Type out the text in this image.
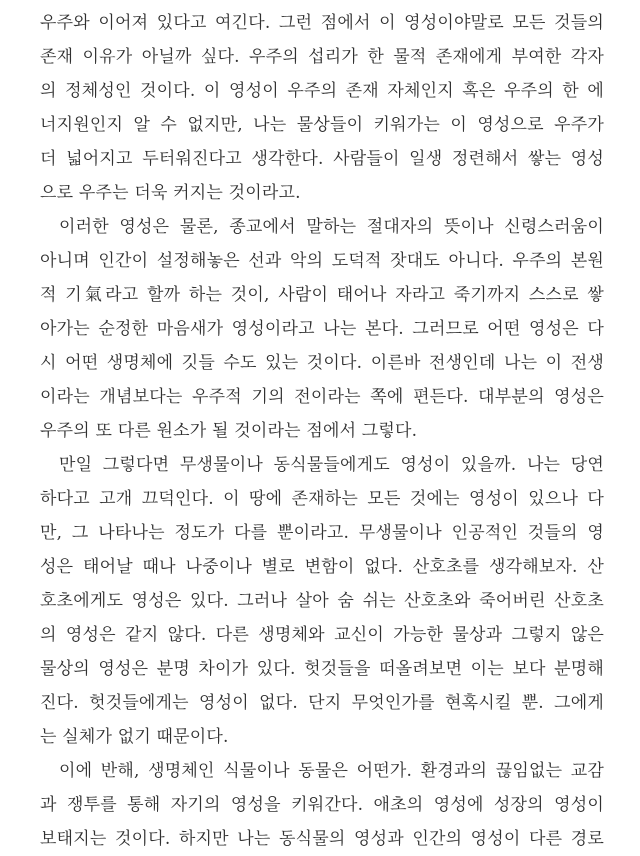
우주와 이어져 있다고 여긴다. 그런 점에서 이 영성이야말로 모든 것들의
존재 이유가 아닐까 싶다. 우주의 섭리가 한 물적 존재에게 부여한 각자
의 정체성인 것이다. 이 영성이 우주의 존재 자체인지 혹은 우주의 한 에
너지원인지 알 수 없지만, 나는 물상들이 키워가는 이 영성으로 우주가
더 넓어지고 두터워진다고 생각한다. 사람들이 일생 정련해서 쌓는 영성
으로 우주는 더욱 커지는 것이라고.
이러한 영성은 물론, 종교에서 말하는 절대자의 뜻이나 신령스러움이
아니며 인간이 설정해놓은 선과 악의 도덕적 잣대도 아니다. 우주의 본원
적 기氣라고 할까 하는 것이, 사람이 태어나 자라고 죽기까지 스스로 쌓
아가는 순정한 마음새가 영성이라고 나는 본다. 그러므로 어떤 영성은 다
시 어떤 생명체에 깃들 수도 있는 것이다. 이른바 전생인데 나는 이 전생
이라는 개념보다는 우주적 기의 전이라는 쪽에 편든다. 대부분의 영성은
우주의 또 다른 원소가 될 것이라는 점에서 그렇다.
만일 그렇다면 무생물이나 동식물들에게도 영성이 있을까. 나는 당연
하다고 고개 끄덕인다. 이 땅에 존재하는 모든 것에는 영성이 있으나 다
만, 그 나타나는 정도가 다를 뿐이라고. 무생물이나 인공적인 것들의 영
성은 태어날 때나 나중이나 별로 변함이 없다. 산호초를 생각해보자. 산
호초에게도 영성은 있다. 그러나 살아 숨 쉬는 산호초와 죽어버린 산호초
의 영성은 같지 않다. 다른 생명체와 교신이 가능한 물상과 그렇지 않은
물상의 영성은 분명 차이가 있다. 헛것들을 떠올려보면 이는 보다 분명해
진다. 헛것들에게는 영성이 없다. 단지 무엇인가를 현혹시킬 뿐. 그에게
는 실체가 없기 때문이다.
이에 반해, 생명체인 식물이나 동물은 어떤가. 환경과의 끊임없는 교감
과 쟁투를 통해 자기의 영성을 키워간다. 애초의 영성에 성장의 영성이
보태지는 것이다. 하지만 나는 동식물의 영성과 인간의 영성이 다른 경로
